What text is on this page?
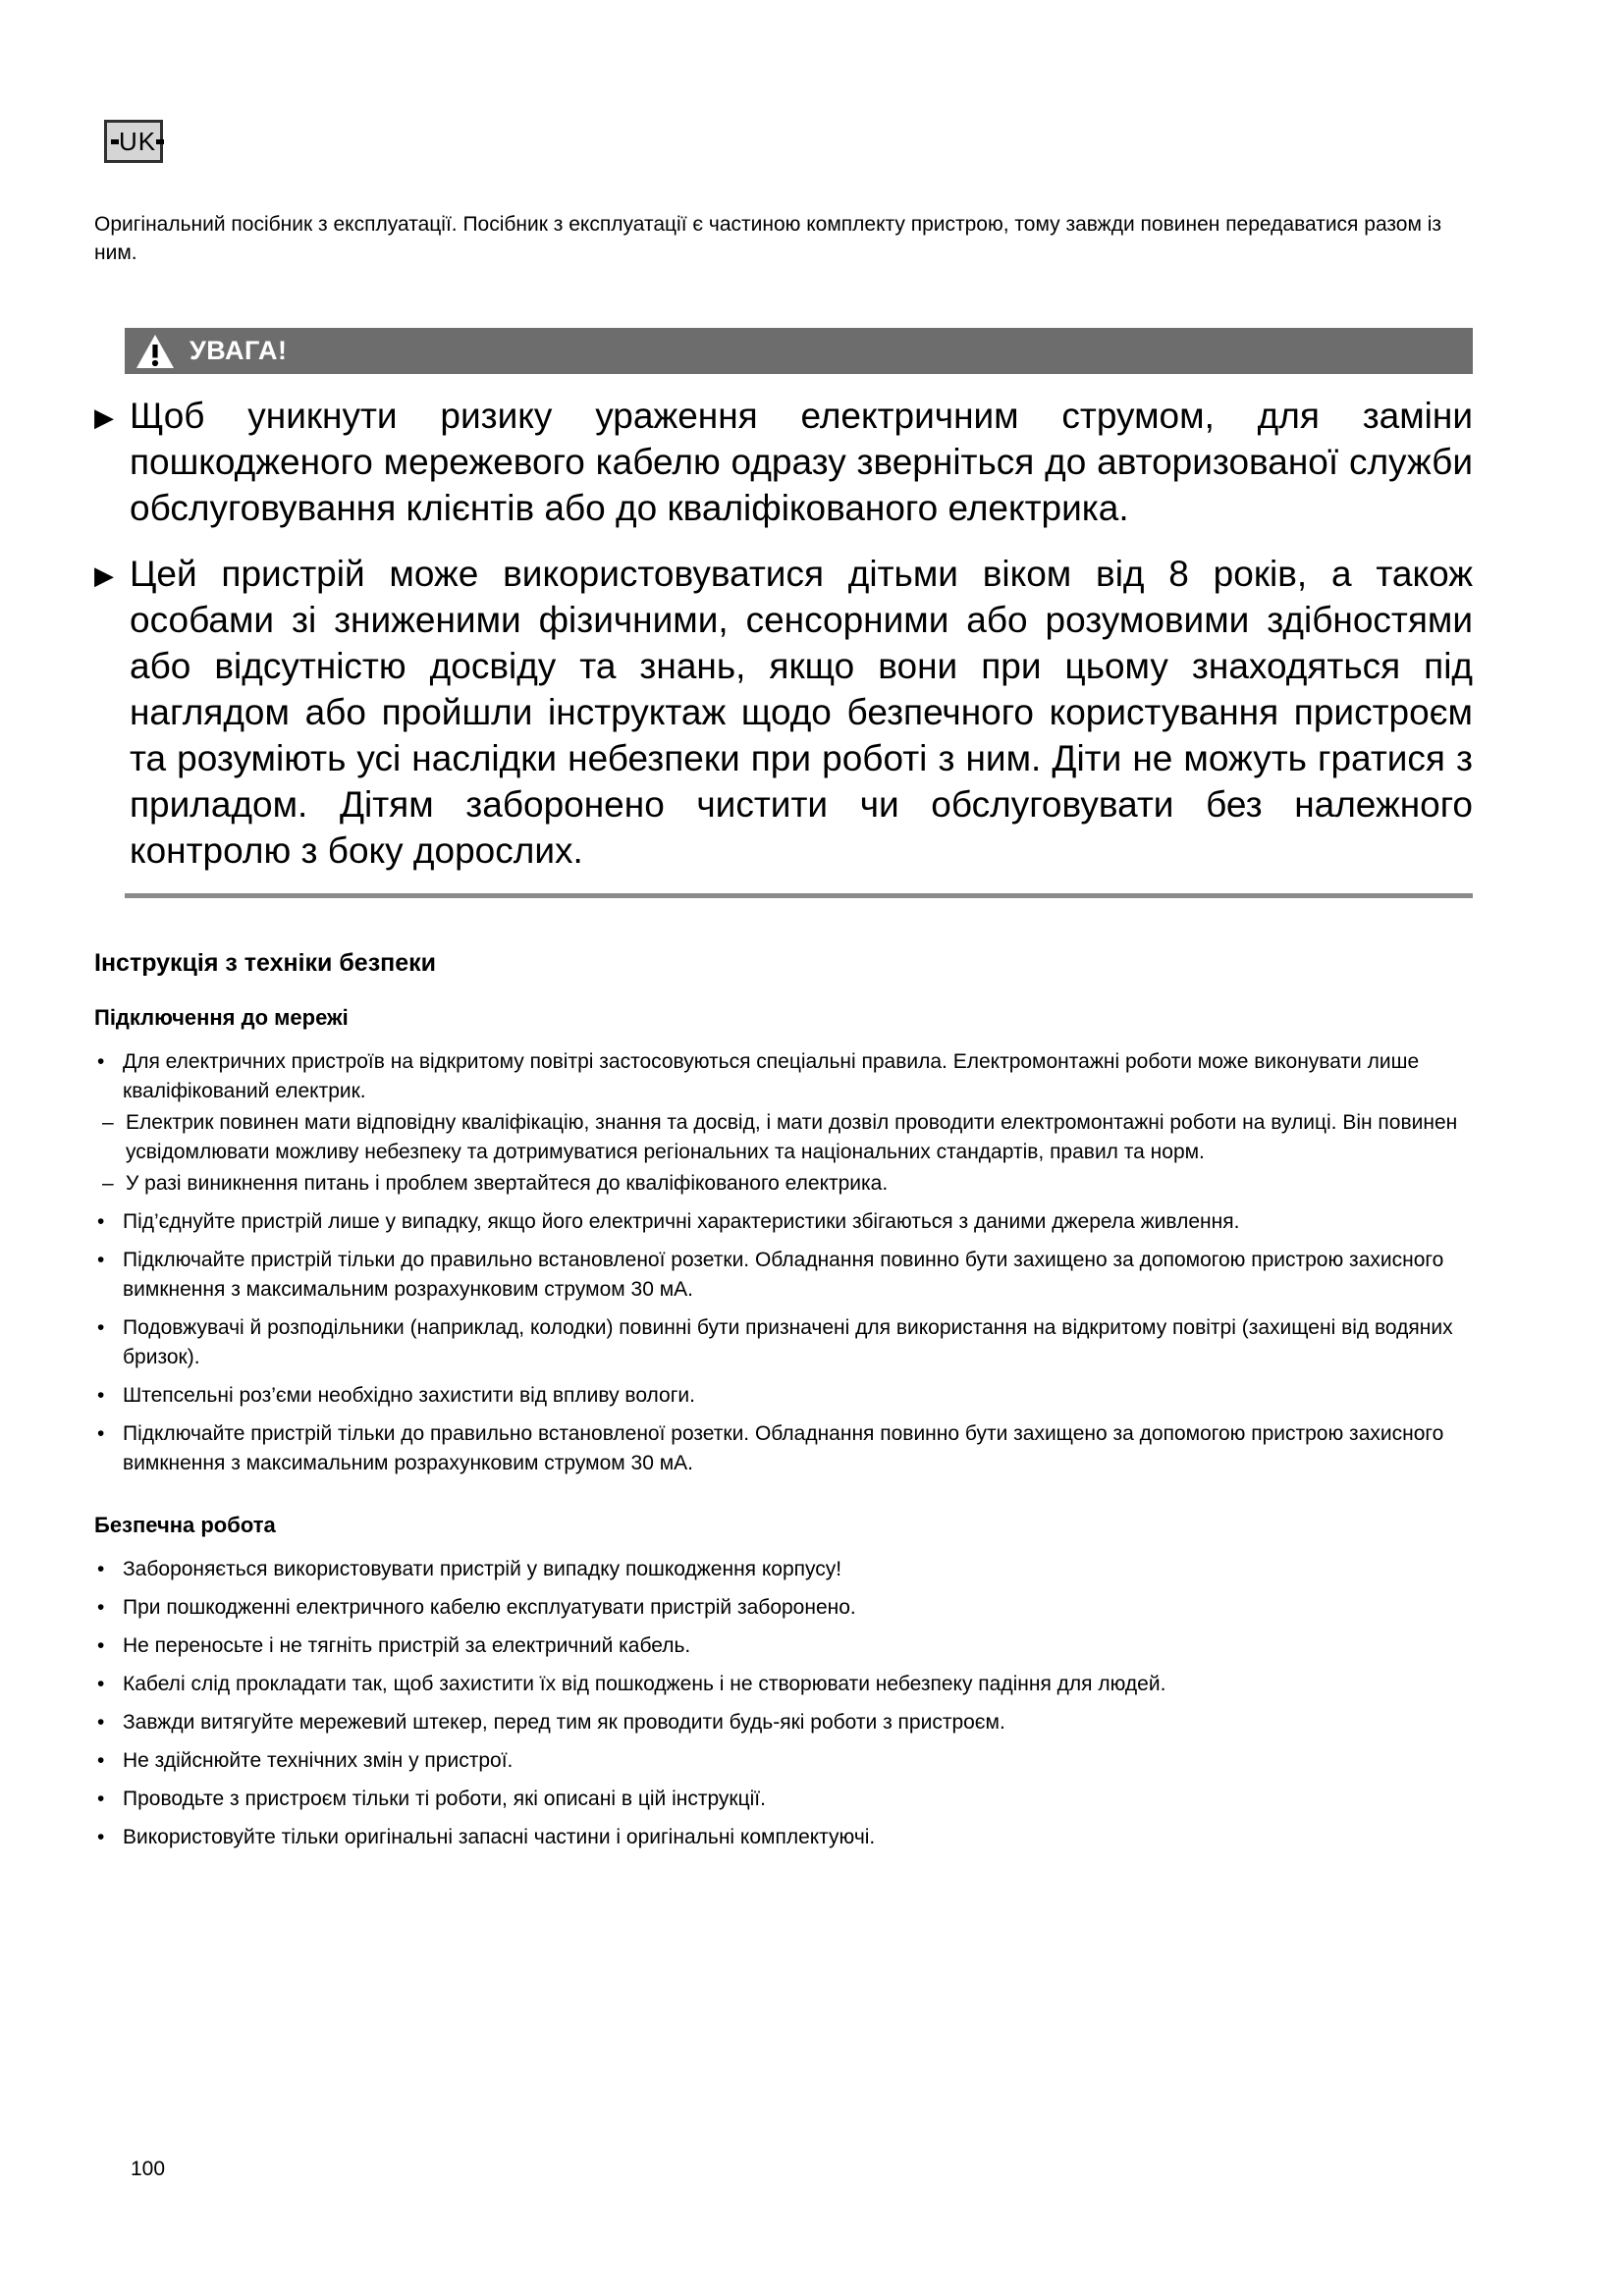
UK

Оригінальний посібник з експлуатації. Посібник з експлуатації є частиною комплекту пристрою, тому завжди повинен передаватися разом із ним.

УВАГА!
▶ Щоб уникнути ризику ураження електричним струмом, для заміни пошкодженого мережевого кабелю одразу зверніться до авторизованої служби обслуговування клієнтів або до кваліфікованого електрика.
▶ Цей пристрій може використовуватися дітьми віком від 8 років, а також особами зі зниженими фізичними, сенсорними або розумовими здібностями або відсутністю досвіду та знань, якщо вони при цьому знаходяться під наглядом або пройшли інструктаж щодо безпечного користування пристроєм та розуміють усі наслідки небезпеки при роботі з ним. Діти не можуть гратися з приладом. Дітям заборонено чистити чи обслуговувати без належного контролю з боку дорослих.
Інструкція з техніки безпеки
Підключення до мережі
• Для електричних пристроїв на відкритому повітрі застосовуються спеціальні правила. Електромонтажні роботи може виконувати лише кваліфікований електрик.
– Електрик повинен мати відповідну кваліфікацію, знання та досвід, і мати дозвіл проводити електромонтажні роботи на вулиці. Він повинен усвідомлювати можливу небезпеку та дотримуватися регіональних та національних стандартів, правил та норм.
– У разі виникнення питань і проблем звертайтеся до кваліфікованого електрика.
• Під’єднуйте пристрій лише у випадку, якщо його електричні характеристики збігаються з даними джерела живлення.
• Підключайте пристрій тільки до правильно встановленої розетки. Обладнання повинно бути захищено за допомогою пристрою захисного вимкнення з максимальним розрахунковим струмом 30 мА.
• Подовжувачі й розподільники (наприклад, колодки) повинні бути призначені для використання на відкритому повітрі (захищені від водяних бризок).
• Штепсельні роз’єми необхідно захистити від впливу вологи.
• Підключайте пристрій тільки до правильно встановленої розетки. Обладнання повинно бути захищено за допомогою пристрою захисного вимкнення з максимальним розрахунковим струмом 30 мА.
Безпечна робота
• Забороняється використовувати пристрій у випадку пошкодження корпусу!
• При пошкодженні електричного кабелю експлуатувати пристрій заборонено.
• Не переносьте і не тягніть пристрій за електричний кабель.
• Кабелі слід прокладати так, щоб захистити їх від пошкоджень і не створювати небезпеку падіння для людей.
• Завжди витягуйте мережевий штекер, перед тим як проводити будь-які роботи з пристроєм.
• Не здійснюйте технічних змін у пристрої.
• Проводьте з пристроєм тільки ті роботи, які описані в цій інструкції.
• Використовуйте тільки оригінальні запасні частини і оригінальні комплектуючі.
100
